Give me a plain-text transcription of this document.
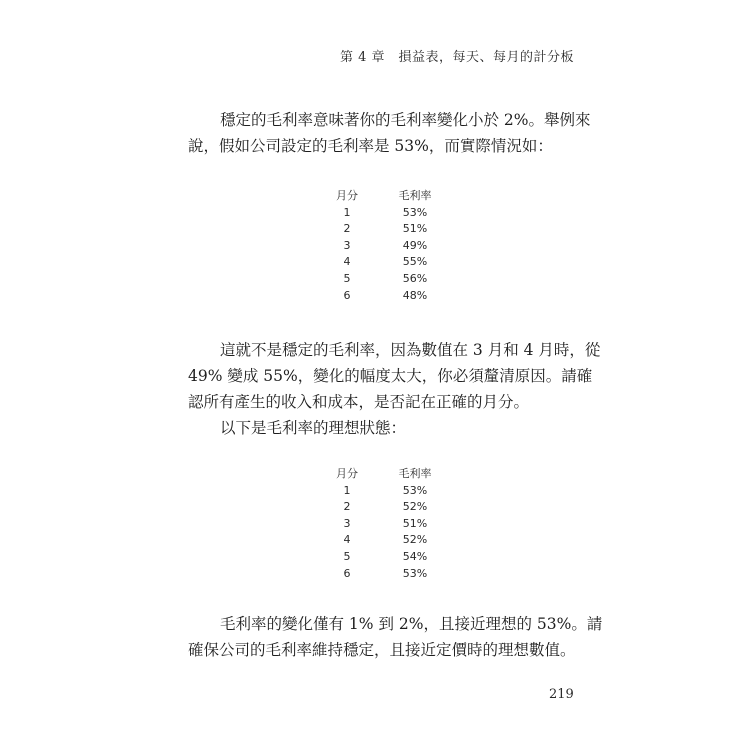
第 4 章　損益表，每天、每月的計分板
穩定的毛利率意味著你的毛利率變化小於 2%。舉例來
說，假如公司設定的毛利率是 53%，而實際情況如：
月分	毛利率
1	53%
2	51%
3	49%
4	55%
5	56%
6	48%
這就不是穩定的毛利率，因為數值在 3 月和 4 月時，從
49% 變成 55%，變化的幅度太大，你必須釐清原因。請確
認所有產生的收入和成本，是否記在正確的月分。
以下是毛利率的理想狀態：
月分	毛利率
1	53%
2	52%
3	51%
4	52%
5	54%
6	53%
毛利率的變化僅有 1% 到 2%，且接近理想的 53%。請
確保公司的毛利率維持穩定，且接近定價時的理想數值。
219
